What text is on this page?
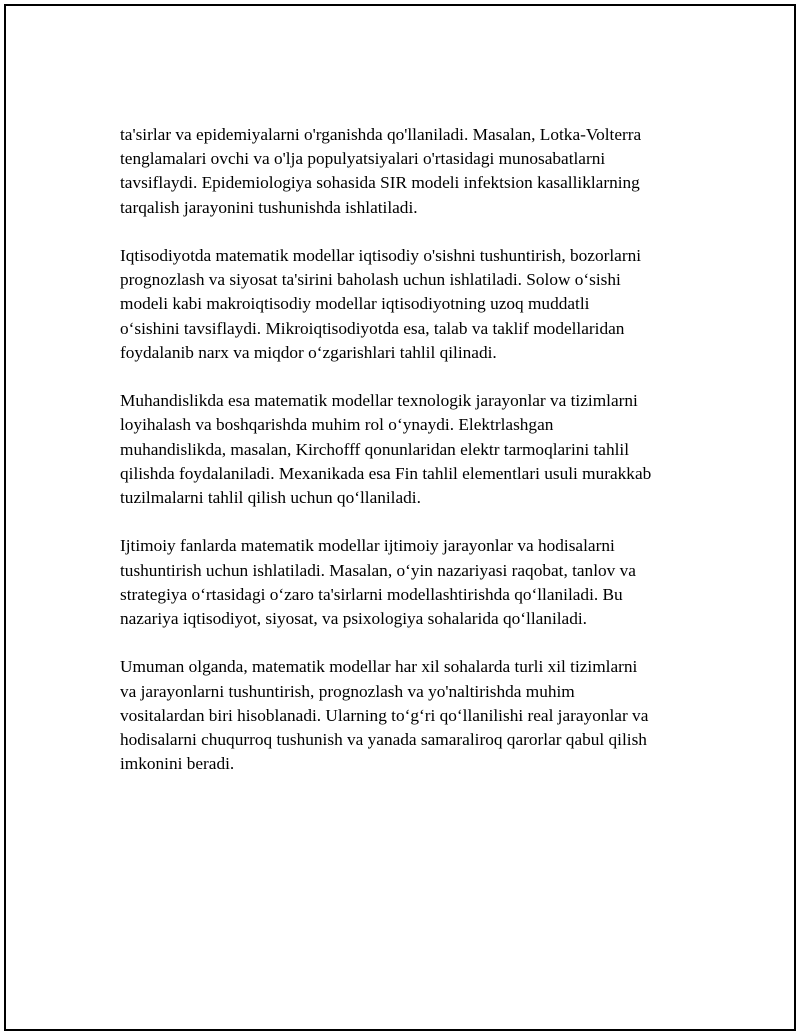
ta'sirlar va epidemiyalarni o'rganishda qo'llaniladi. Masalan, Lotka-Volterra
tenglamalari ovchi va o'lja populyatsiyalari o'rtasidagi munosabatlarni
tavsiflaydi. Epidemiologiya sohasida SIR modeli infektsion kasalliklarning
tarqalish jarayonini tushunishda ishlatiladi.

Iqtisodiyotda matematik modellar iqtisodiy o'sishni tushuntirish, bozorlarni
prognozlash va siyosat ta'sirini baholash uchun ishlatiladi. Solow o‘sishi
modeli kabi makroiqtisodiy modellar iqtisodiyotning uzoq muddatli
o‘sishini tavsiflaydi. Mikroiqtisodiyotda esa, talab va taklif modellaridan
foydalanib narx va miqdor o‘zgarishlari tahlil qilinadi.

Muhandislikda esa matematik modellar texnologik jarayonlar va tizimlarni
loyihalash va boshqarishda muhim rol o‘ynaydi. Elektrlashgan
muhandislikda, masalan, Kirchofff qonunlaridan elektr tarmoqlarini tahlil
qilishda foydalaniladi. Mexanikada esa Fin tahlil elementlari usuli murakkab
tuzilmalarni tahlil qilish uchun qo‘llaniladi.

Ijtimoiy fanlarda matematik modellar ijtimoiy jarayonlar va hodisalarni
tushuntirish uchun ishlatiladi. Masalan, o‘yin nazariyasi raqobat, tanlov va
strategiya o‘rtasidagi o‘zaro ta'sirlarni modellashtirishda qo‘llaniladi. Bu
nazariya iqtisodiyot, siyosat, va psixologiya sohalarida qo‘llaniladi.

Umuman olganda, matematik modellar har xil sohalarda turli xil tizimlarni
va jarayonlarni tushuntirish, prognozlash va yo'naltirishda muhim
vositalardan biri hisoblanadi. Ularning to‘g‘ri qo‘llanilishi real jarayonlar va
hodisalarni chuqurroq tushunish va yanada samaraliroq qarorlar qabul qilish
imkonini beradi.
